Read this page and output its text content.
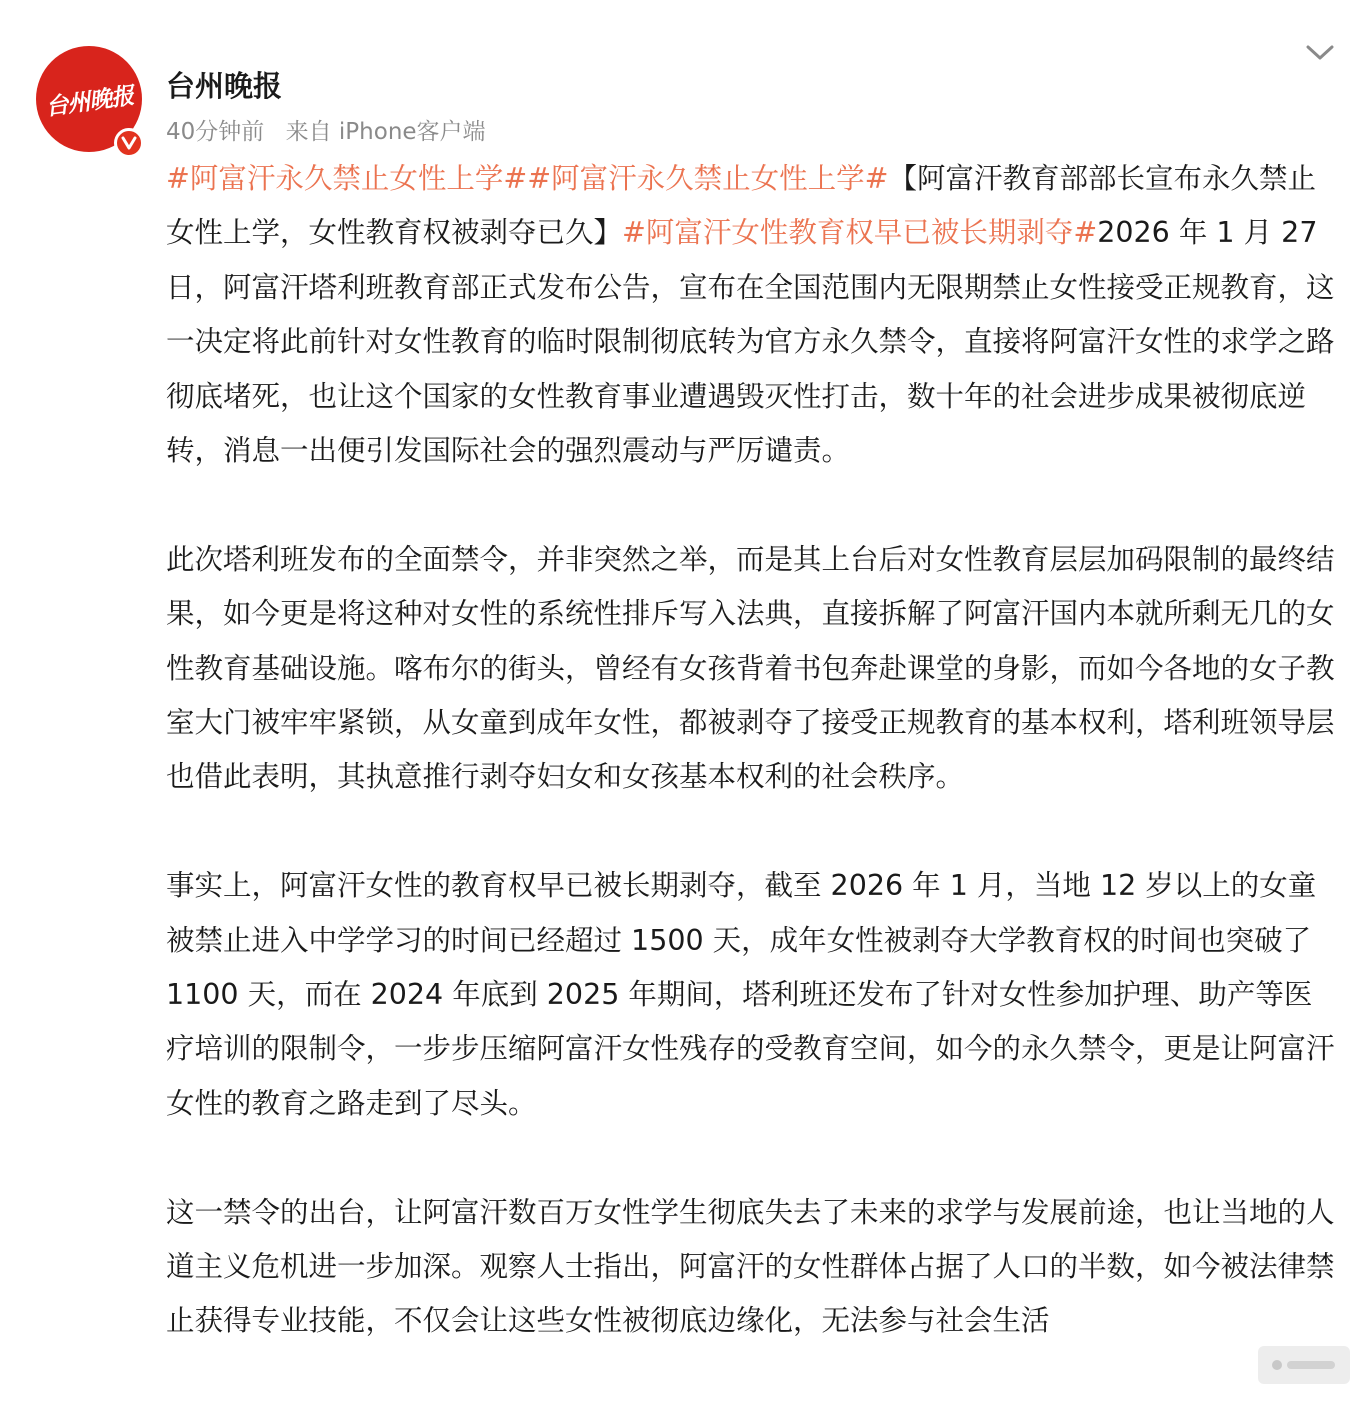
台州晚报 台州晚报
40分钟前 来自 iPhone客户端

#阿富汗永久禁止女性上学##阿富汗永久禁止女性上学#【阿富汗教育部部长宣布永久禁止女性上学，女性教育权被剥夺已久】#阿富汗女性教育权早已被长期剥夺#2026 年 1 月 27 日，阿富汗塔利班教育部正式发布公告，宣布在全国范围内无限期禁止女性接受正规教育，这一决定将此前针对女性教育的临时限制彻底转为官方永久禁令，直接将阿富汗女性的求学之路彻底堵死，也让这个国家的女性教育事业遭遇毁灭性打击，数十年的社会进步成果被彻底逆转，消息一出便引发国际社会的强烈震动与严厉谴责。

此次塔利班发布的全面禁令，并非突然之举，而是其上台后对女性教育层层加码限制的最终结果，如今更是将这种对女性的系统性排斥写入法典，直接拆解了阿富汗国内本就所剩无几的女性教育基础设施。喀布尔的街头，曾经有女孩背着书包奔赴课堂的身影，而如今各地的女子教室大门被牢牢紧锁，从女童到成年女性，都被剥夺了接受正规教育的基本权利，塔利班领导层也借此表明，其执意推行剥夺妇女和女孩基本权利的社会秩序。

事实上，阿富汗女性的教育权早已被长期剥夺，截至 2026 年 1 月，当地 12 岁以上的女童被禁止进入中学学习的时间已经超过 1500 天，成年女性被剥夺大学教育权的时间也突破了 1100 天，而在 2024 年底到 2025 年期间，塔利班还发布了针对女性参加护理、助产等医疗培训的限制令，一步步压缩阿富汗女性残存的受教育空间，如今的永久禁令，更是让阿富汗女性的教育之路走到了尽头。

这一禁令的出台，让阿富汗数百万女性学生彻底失去了未来的求学与发展前途，也让当地的人道主义危机进一步加深。观察人士指出，阿富汗的女性群体占据了人口的半数，如今被法律禁止获得专业技能，不仅会让这些女性被彻底边缘化，无法参与社会生活
